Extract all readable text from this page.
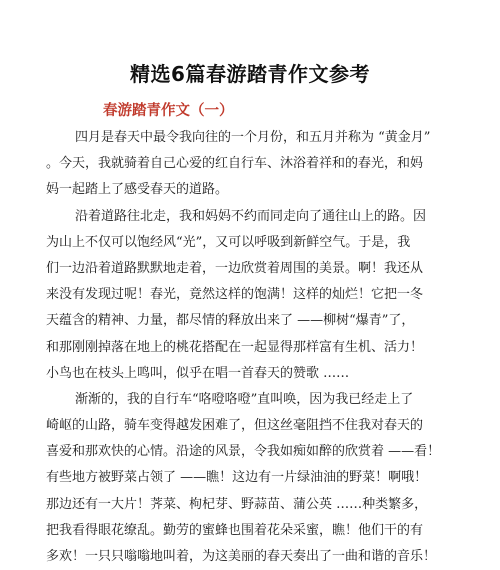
精选6篇春游踏青作文参考
春游踏青作文（一）
四月是春天中最令我向往的一个月份，和五月并称为 “黄金月”
。今天，我就骑着自己心爱的红自行车、沐浴着祥和的春光，和妈
妈一起踏上了感受春天的道路。
沿着道路往北走，我和妈妈不约而同走向了通往山上的路。因
为山上不仅可以饱经风“光”，又可以呼吸到新鲜空气。于是，我
们一边沿着道路默默地走着，一边欣赏着周围的美景。啊！我还从
来没有发现过呢！春光，竟然这样的饱满！这样的灿烂！它把一冬
天蕴含的精神、力量，都尽情的释放出来了 ——柳树“爆青”了，
和那刚刚掉落在地上的桃花搭配在一起显得那样富有生机、活力！
小鸟也在枝头上鸣叫，似乎在唱一首春天的赞歌 ……
渐渐的，我的自行车“咯噔咯噔”直叫唤，因为我已经走上了
崎岖的山路，骑车变得越发困难了，但这丝毫阻挡不住我对春天的
喜爱和那欢快的心情。沿途的风景，令我如痴如醉的欣赏着 ——看！
有些地方被野菜占领了 ——瞧！这边有一片绿油油的野菜！啊哦！
那边还有一大片！荠菜、枸杞芽、野蒜苗、蒲公英 ……种类繁多，
把我看得眼花缭乱。勤劳的蜜蜂也围着花朵采蜜，瞧！他们干的有
多欢！一只只嗡嗡地叫着，为这美丽的春天奏出了一曲和谐的音乐！
